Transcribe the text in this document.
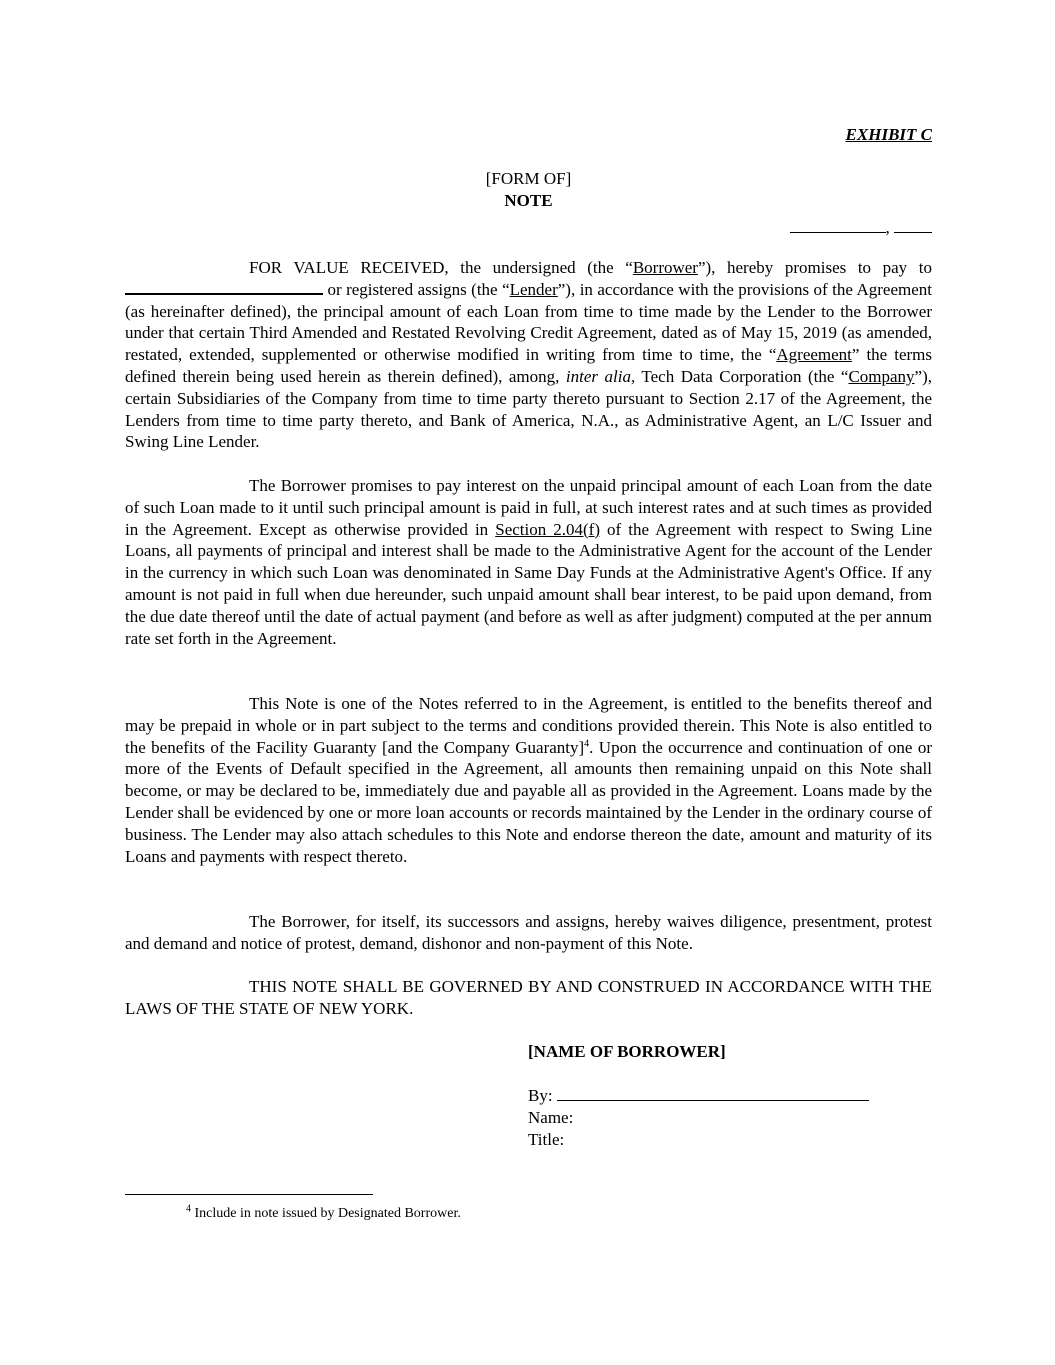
EXHIBIT C
[FORM OF]
NOTE
,
FOR VALUE RECEIVED, the undersigned (the “Borrower”), hereby promises to pay to  or registered assigns (the “Lender”), in accordance with the provisions of the Agreement (as hereinafter defined), the principal amount of each Loan from time to time made by the Lender to the Borrower under that certain Third Amended and Restated Revolving Credit Agreement, dated as of May 15, 2019 (as amended, restated, extended, supplemented or otherwise modified in writing from time to time, the “Agreement” the terms defined therein being used herein as therein defined), among, inter alia, Tech Data Corporation (the “Company”), certain Subsidiaries of the Company from time to time party thereto pursuant to Section 2.17 of the Agreement, the Lenders from time to time party thereto, and Bank of America, N.A., as Administrative Agent, an L/C Issuer and Swing Line Lender.
The Borrower promises to pay interest on the unpaid principal amount of each Loan from the date of such Loan made to it until such principal amount is paid in full, at such interest rates and at such times as provided in the Agreement. Except as otherwise provided in Section 2.04(f) of the Agreement with respect to Swing Line Loans, all payments of principal and interest shall be made to the Administrative Agent for the account of the Lender in the currency in which such Loan was denominated in Same Day Funds at the Administrative Agent's Office. If any amount is not paid in full when due hereunder, such unpaid amount shall bear interest, to be paid upon demand, from the due date thereof until the date of actual payment (and before as well as after judgment) computed at the per annum rate set forth in the Agreement.
This Note is one of the Notes referred to in the Agreement, is entitled to the benefits thereof and may be prepaid in whole or in part subject to the terms and conditions provided therein. This Note is also entitled to the benefits of the Facility Guaranty [and the Company Guaranty]$^4$. Upon the occurrence and continuation of one or more of the Events of Default specified in the Agreement, all amounts then remaining unpaid on this Note shall become, or may be declared to be, immediately due and payable all as provided in the Agreement. Loans made by the Lender shall be evidenced by one or more loan accounts or records maintained by the Lender in the ordinary course of business. The Lender may also attach schedules to this Note and endorse thereon the date, amount and maturity of its Loans and payments with respect thereto.
The Borrower, for itself, its successors and assigns, hereby waives diligence, presentment, protest and demand and notice of protest, demand, dishonor and non-payment of this Note.
THIS NOTE SHALL BE GOVERNED BY AND CONSTRUED IN ACCORDANCE WITH THE LAWS OF THE STATE OF NEW YORK.
[NAME OF BORROWER]
By:
Name:
Title:
$^4$ Include in note issued by Designated Borrower.
